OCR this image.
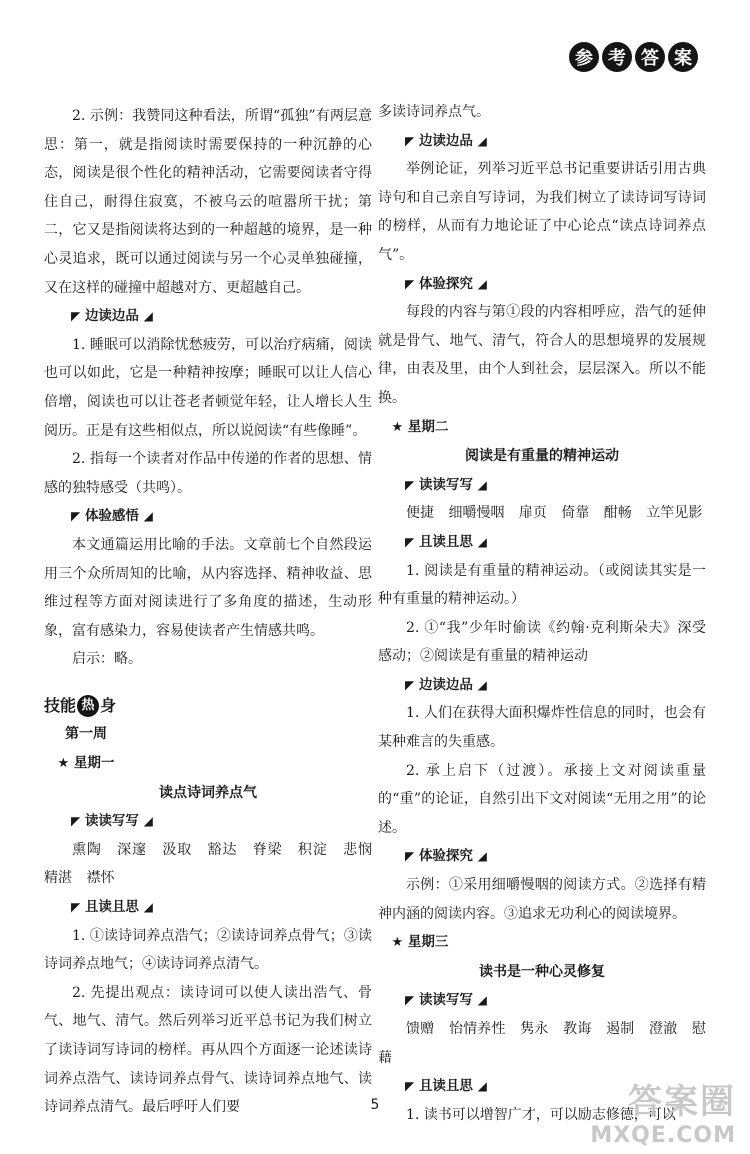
参 考 答 案

2. 示例：我赞同这种看法，所谓“孤独”有两层意思：第一，就是指阅读时需要保持的一种沉静的心态，阅读是很个性化的精神活动，它需要阅读者守得住自己，耐得住寂寞，不被乌云的喧嚣所干扰；第二，它又是指阅读将达到的一种超越的境界，是一种心灵追求，既可以通过阅读与另一个心灵单独碰撞，又在这样的碰撞中超越对方、更超越自己。

◤ 边读边品 ◢

1. 睡眠可以消除忧愁疲劳，可以治疗病痛，阅读也可以如此，它是一种精神按摩；睡眠可以让人信心倍增，阅读也可以让苍老者顿觉年轻，让人增长人生阅历。正是有这些相似点，所以说阅读“有些像睡”。

2. 指每一个读者对作品中传递的作者的思想、情感的独特感受（共鸣）。

◤ 体验感悟 ◢

本文通篇运用比喻的手法。文章前七个自然段运用三个众所周知的比喻，从内容选择、精神收益、思维过程等方面对阅读进行了多角度的描述，生动形象，富有感染力，容易使读者产生情感共鸣。

启示：略。

技能 热 身

第一周

★ 星期一

读点诗词养点气

◤ 读读写写 ◢

熏陶 深邃 汲取 豁达 脊梁 积淀 悲悯 精湛 襟怀

◤ 且读且思 ◢

1. ①读诗词养点浩气；②读诗词养点骨气；③读诗词养点地气；④读诗词养点清气。

2. 先提出观点：读诗词可以使人读出浩气、骨气、地气、清气。然后列举习近平总书记为我们树立了读诗词写诗词的榜样。再从四个方面逐一论述读诗词养点浩气、读诗词养点骨气、读诗词养点地气、读诗词养点清气。最后呼吁人们要

多读诗词养点气。

◤ 边读边品 ◢

举例论证，列举习近平总书记重要讲话引用古典诗句和自己亲自写诗词，为我们树立了读诗词写诗词的榜样，从而有力地论证了中心论点“读点诗词养点气”。

◤ 体验探究 ◢

每段的内容与第①段的内容相呼应，浩气的延伸就是骨气、地气、清气，符合人的思想境界的发展规律，由表及里，由个人到社会，层层深入。所以不能换。

★ 星期二

阅读是有重量的精神运动

◤ 读读写写 ◢

便捷 细嚼慢咽 扉页 倚靠 酣畅 立竿见影

◤ 且读且思 ◢

1. 阅读是有重量的精神运动。（或阅读其实是一种有重量的精神运动。）

2. ①“我”少年时偷读《约翰·克利斯朵夫》深受感动；②阅读是有重量的精神运动

◤ 边读边品 ◢

1. 人们在获得大面积爆炸性信息的同时，也会有某种难言的失重感。

2. 承上启下（过渡）。承接上文对阅读重量的“重”的论证，自然引出下文对阅读“无用之用”的论述。

◤ 体验探究 ◢

示例：①采用细嚼慢咽的阅读方式。②选择有精神内涵的阅读内容。③追求无功利心的阅读境界。

★ 星期三

读书是一种心灵修复

◤ 读读写写 ◢

馈赠 怡情养性 隽永 教诲 遏制 澄澈 慰藉

◤ 且读且思 ◢

1. 读书可以增智广才，可以励志修德，可以

5	答案圈
MXQE.COM
